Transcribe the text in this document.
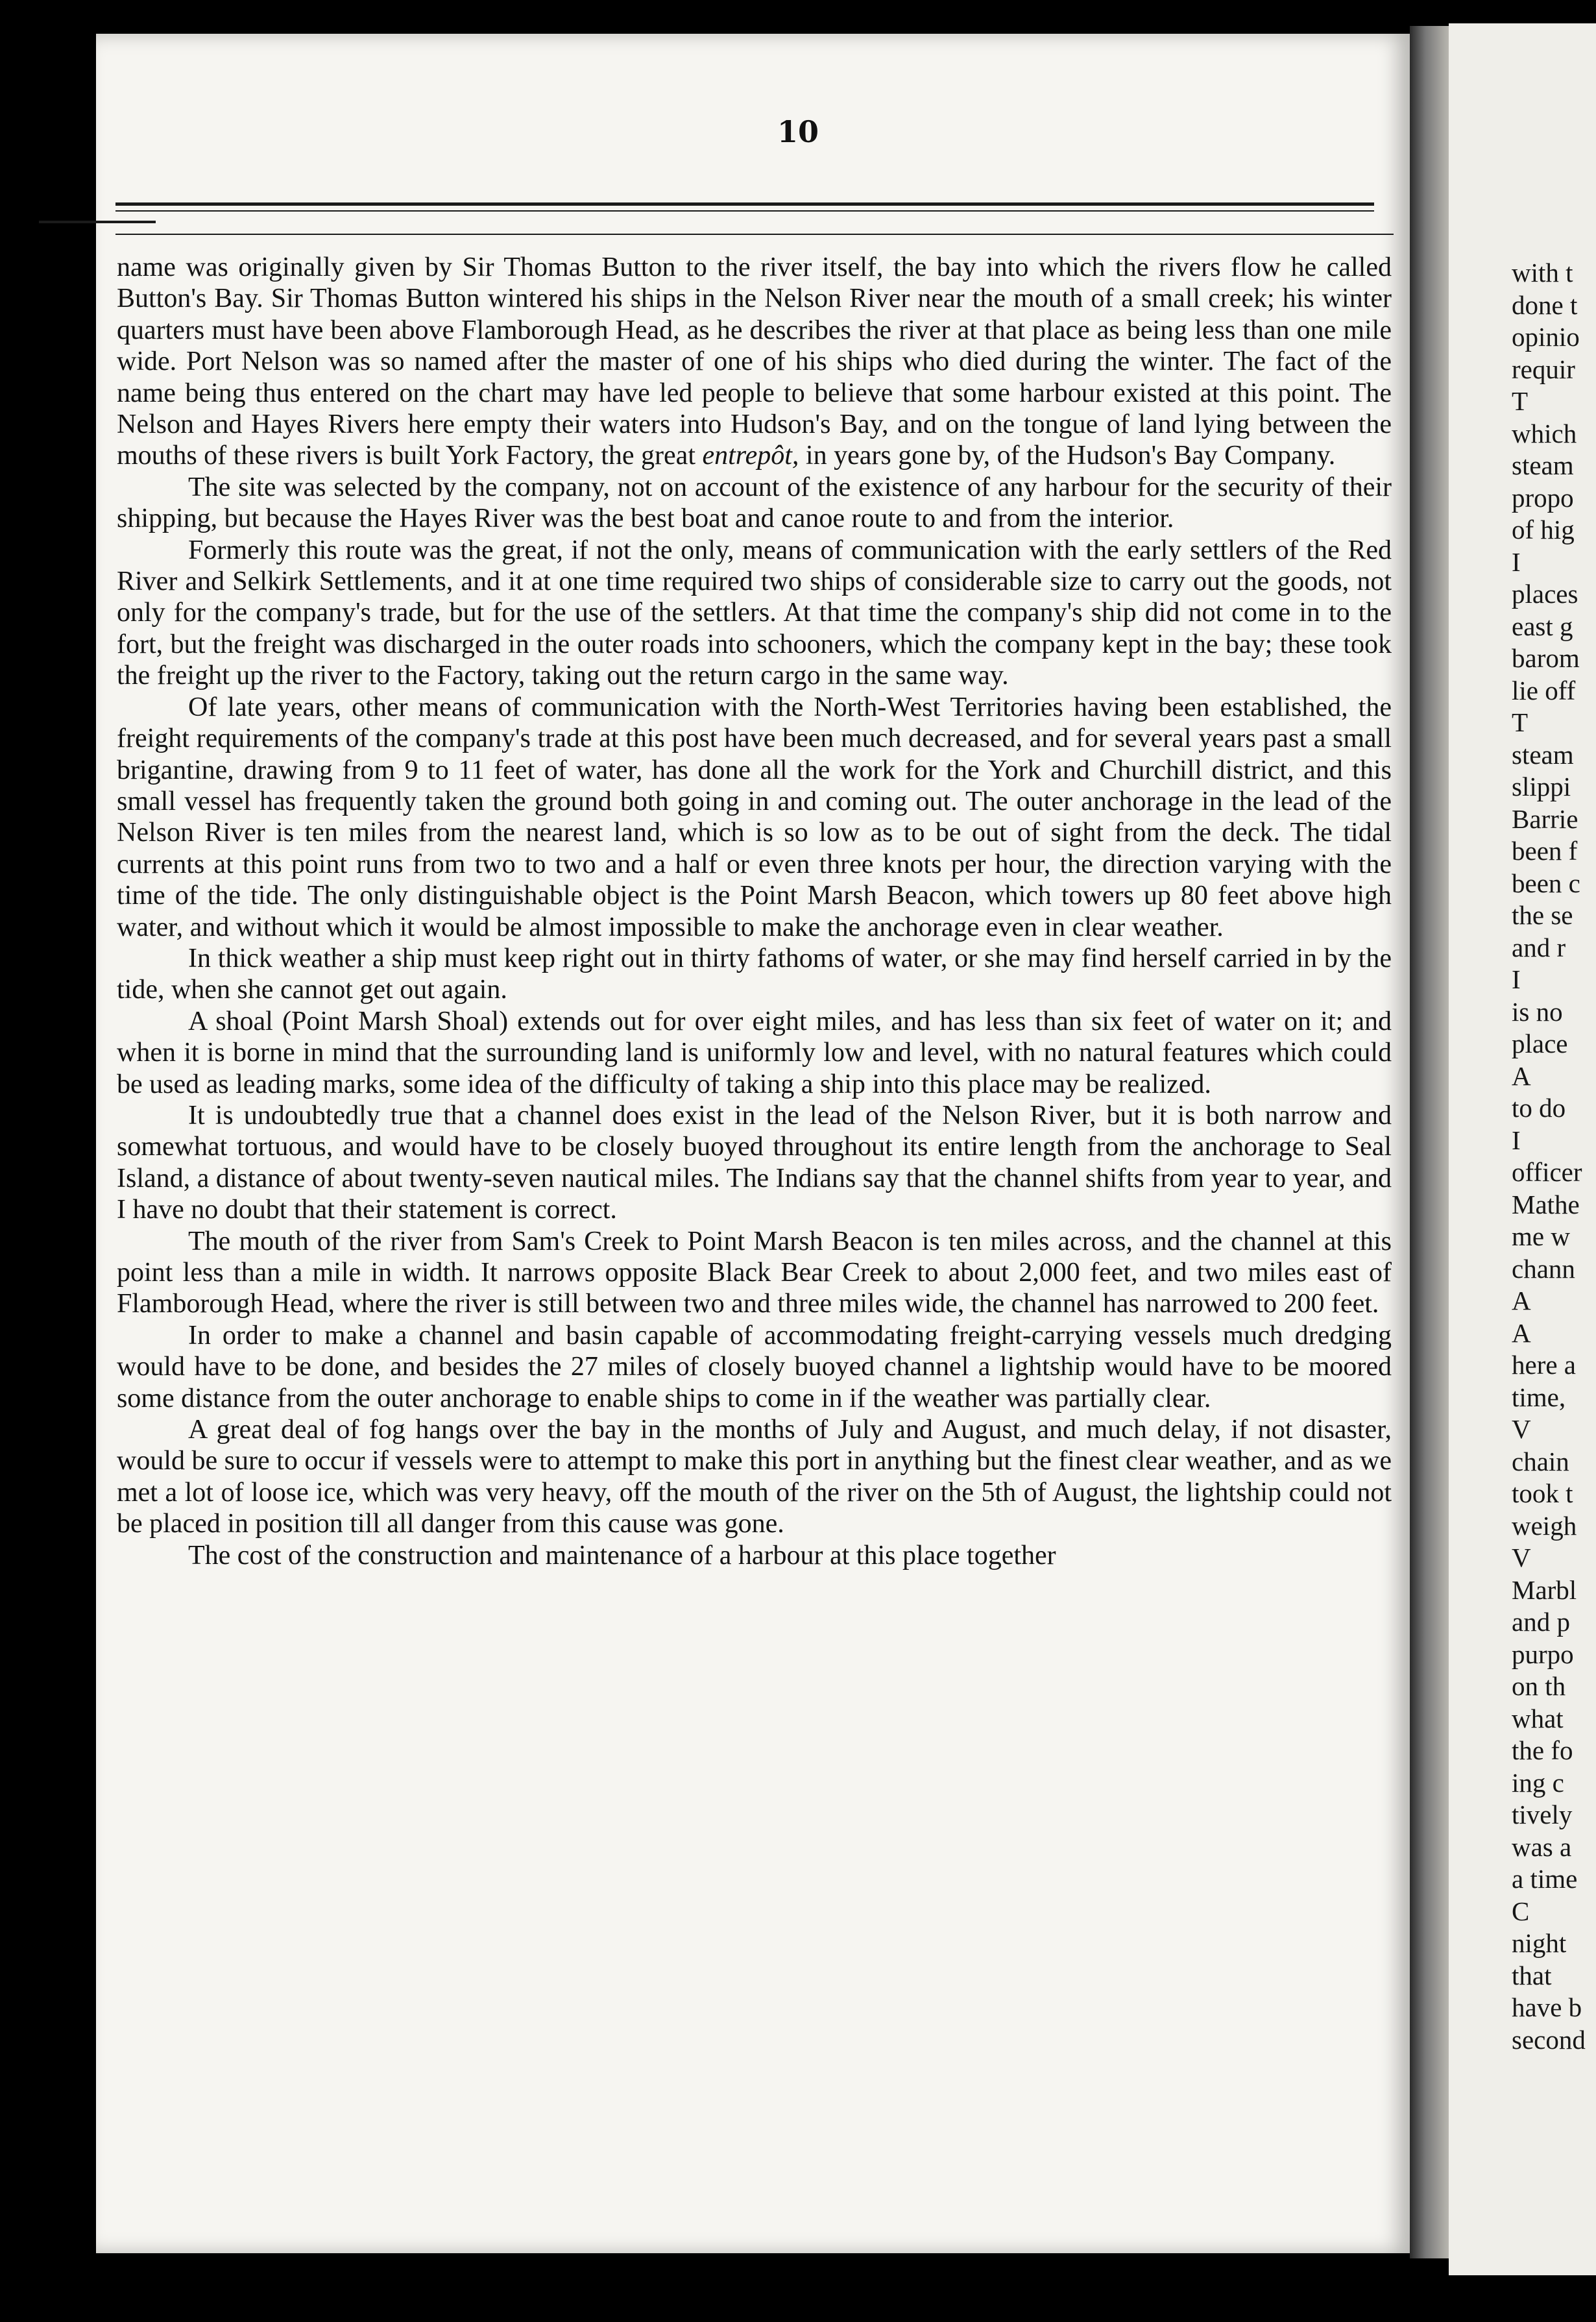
10

name was originally given by Sir Thomas Button to the river itself, the bay into which the rivers flow he called Button's Bay. Sir Thomas Button wintered his ships in the Nelson River near the mouth of a small creek; his winter quarters must have been above Flamborough Head, as he describes the river at that place as being less than one mile wide. Port Nelson was so named after the master of one of his ships who died during the winter. The fact of the name being thus entered on the chart may have led people to believe that some harbour existed at this point. The Nelson and Hayes Rivers here empty their waters into Hudson's Bay, and on the tongue of land lying between the mouths of these rivers is built York Factory, the great entrepôt, in years gone by, of the Hudson's Bay Company.

The site was selected by the company, not on account of the existence of any harbour for the security of their shipping, but because the Hayes River was the best boat and canoe route to and from the interior.

Formerly this route was the great, if not the only, means of communication with the early settlers of the Red River and Selkirk Settlements, and it at one time required two ships of considerable size to carry out the goods, not only for the company's trade, but for the use of the settlers. At that time the company's ship did not come in to the fort, but the freight was discharged in the outer roads into schooners, which the company kept in the bay; these took the freight up the river to the Factory, taking out the return cargo in the same way.

Of late years, other means of communication with the North-West Territories having been established, the freight requirements of the company's trade at this post have been much decreased, and for several years past a small brigantine, drawing from 9 to 11 feet of water, has done all the work for the York and Churchill district, and this small vessel has frequently taken the ground both going in and coming out. The outer anchorage in the lead of the Nelson River is ten miles from the nearest land, which is so low as to be out of sight from the deck. The tidal currents at this point runs from two to two and a half or even three knots per hour, the direction varying with the time of the tide. The only distinguishable object is the Point Marsh Beacon, which towers up 80 feet above high water, and without which it would be almost impossible to make the anchorage even in clear weather.

In thick weather a ship must keep right out in thirty fathoms of water, or she may find herself carried in by the tide, when she cannot get out again.

A shoal (Point Marsh Shoal) extends out for over eight miles, and has less than six feet of water on it; and when it is borne in mind that the surrounding land is uniformly low and level, with no natural features which could be used as leading marks, some idea of the difficulty of taking a ship into this place may be realized.

It is undoubtedly true that a channel does exist in the lead of the Nelson River, but it is both narrow and somewhat tortuous, and would have to be closely buoyed throughout its entire length from the anchorage to Seal Island, a distance of about twenty-seven nautical miles. The Indians say that the channel shifts from year to year, and I have no doubt that their statement is correct.

The mouth of the river from Sam's Creek to Point Marsh Beacon is ten miles across, and the channel at this point less than a mile in width. It narrows opposite Black Bear Creek to about 2,000 feet, and two miles east of Flamborough Head, where the river is still between two and three miles wide, the channel has narrowed to 200 feet.

In order to make a channel and basin capable of accommodating freight-carrying vessels much dredging would have to be done, and besides the 27 miles of closely buoyed channel a lightship would have to be moored some distance from the outer anchorage to enable ships to come in if the weather was partially clear.

A great deal of fog hangs over the bay in the months of July and August, and much delay, if not disaster, would be sure to occur if vessels were to attempt to make this port in anything but the finest clear weather, and as we met a lot of loose ice, which was very heavy, off the mouth of the river on the 5th of August, the lightship could not be placed in position till all danger from this cause was gone.

The cost of the construction and maintenance of a harbour at this place together

with t
done t
opinio
requir
T
which
steam
propo
of hig
I
places
east g
barom
lie off
T
steam
slippi
Barrie
been f
been c
the se
and r
I
is no
place
A
to do
I
officer
Mathe
me w
chann
A
A
here a
time,
V
chain
took t
weigh
V
Marbl
and p
purpo
on th
what
the fo
ing c
tively
was a
a time
C
night
that
have b
second
